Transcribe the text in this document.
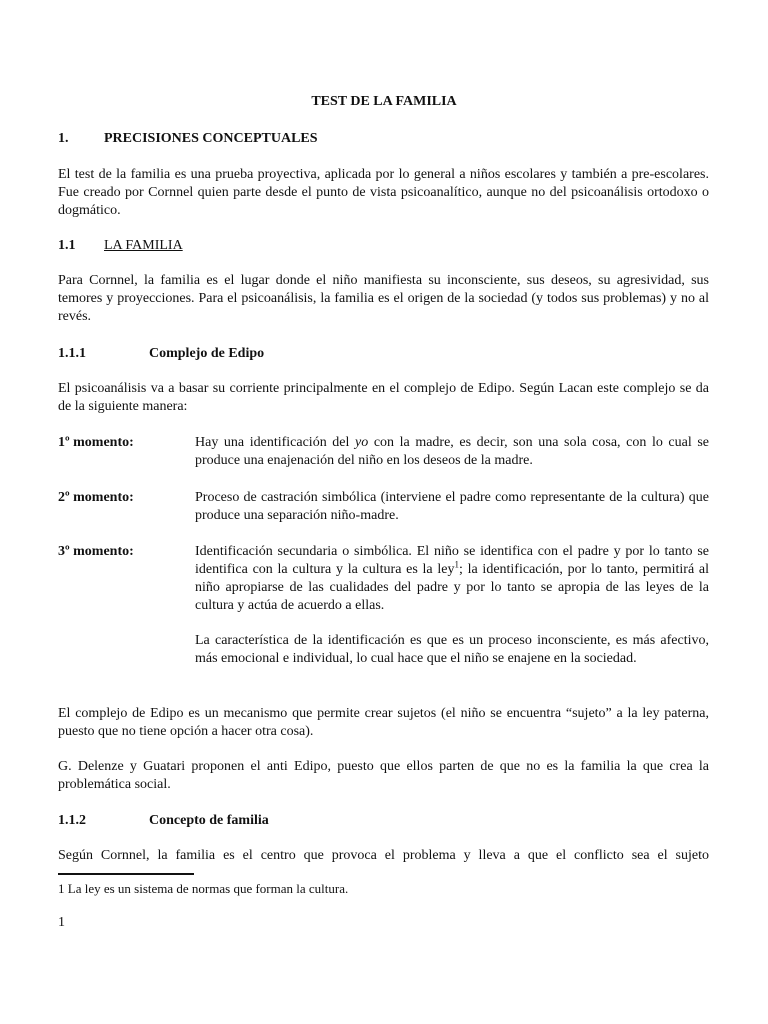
TEST DE LA FAMILIA
1.	PRECISIONES CONCEPTUALES

El test de la familia es una prueba proyectiva, aplicada por lo general a niños escolares y también a pre-escolares. Fue creado por Cornnel quien parte desde el punto de vista psicoanalítico, aunque no del psicoanálisis ortodoxo o dogmático.

1.1 LA FAMILIA

Para Cornnel, la familia es el lugar donde el niño manifiesta su inconsciente, sus deseos, su agresividad, sus temores y proyecciones. Para el psicoanálisis, la familia es el origen de la sociedad (y todos sus problemas) y no al revés.

1.1.1	Complejo de Edipo

El psicoanálisis va a basar su corriente principalmente en el complejo de Edipo. Según Lacan este complejo se da de la siguiente manera:

1º momento:	Hay una identificación del yo con la madre, es decir, son una sola cosa, con lo cual se produce una enajenación del niño en los deseos de la madre.

2º momento:	Proceso de castración simbólica (interviene el padre como representante de la cultura) que produce una separación niño-madre.

3º momento:	Identificación secundaria o simbólica. El niño se identifica con el padre y por lo tanto se identifica con la cultura y la cultura es la ley$^1$; la identificación, por lo tanto, permitirá al niño apropiarse de las cualidades del padre y por lo tanto se apropia de las leyes de la cultura y actúa de acuerdo a ellas.

La característica de la identificación es que es un proceso inconsciente, es más afectivo, más emocional e individual, lo cual hace que el niño se enajene en la sociedad.

El complejo de Edipo es un mecanismo que permite crear sujetos (el niño se encuentra “sujeto” a la ley paterna, puesto que no tiene opción a hacer otra cosa).

G. Delenze y Guatari proponen el anti Edipo, puesto que ellos parten de que no es la familia la que crea la problemática social.

1.1.2	Concepto de familia

Según Cornnel, la familia es el centro que provoca el problema y lleva a que el conflicto sea el sujeto

1 La ley es un sistema de normas que forman la cultura.
1
